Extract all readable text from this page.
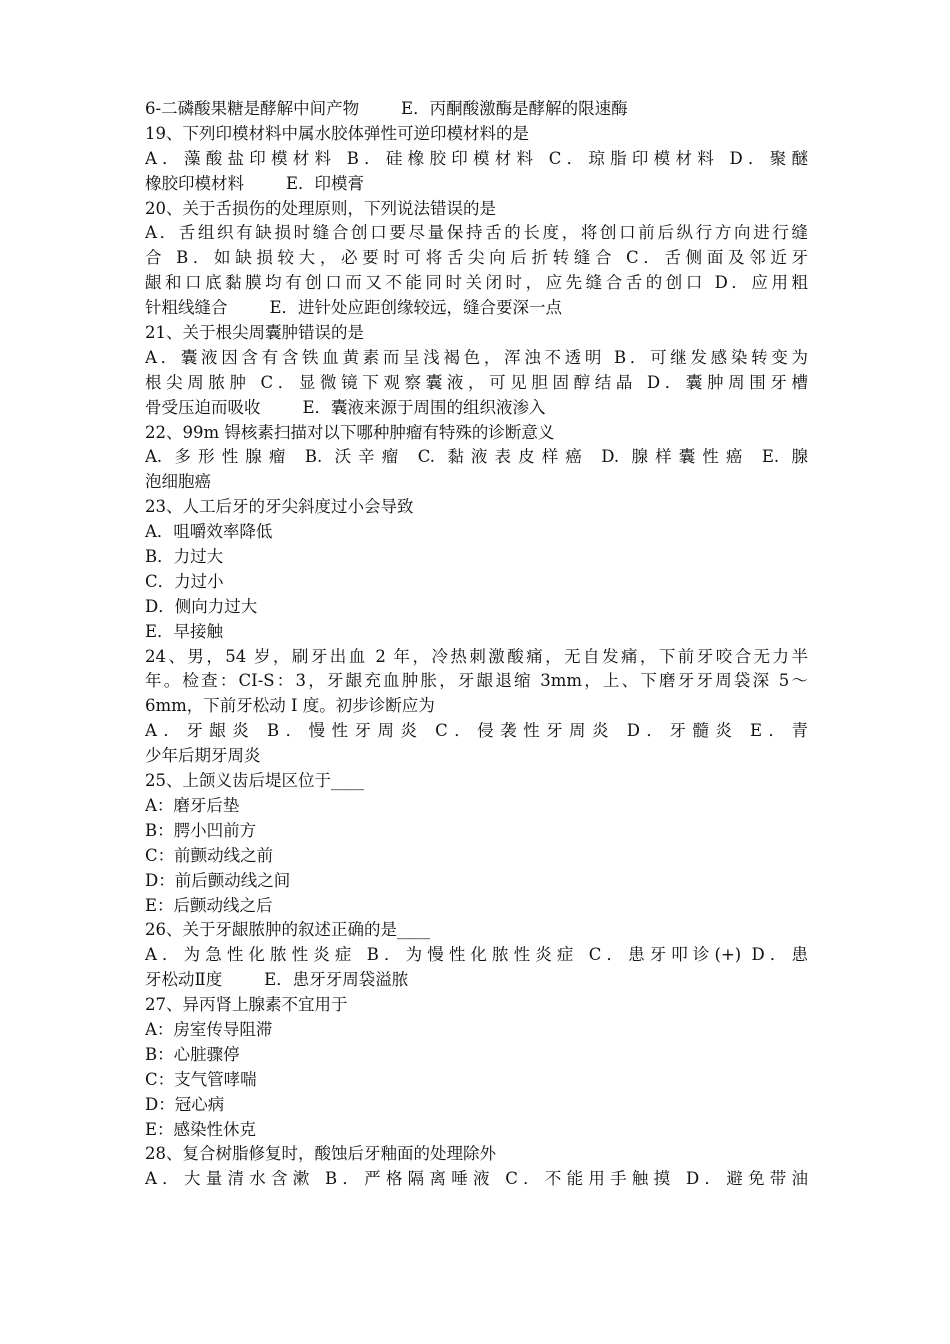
6-二磷酸果糖是酵解中间产物        E．丙酮酸激酶是酵解的限速酶
19、下列印模材料中属水胶体弹性可逆印模材料的是
A．藻酸盐印模材料 B．硅橡胶印模材料 C．琼脂印模材料 D．聚醚
橡胶印模材料        E．印模膏
20、关于舌损伤的处理原则，下列说法错误的是
A．舌组织有缺损时缝合创口要尽量保持舌的长度，将创口前后纵行方向进行缝
合 B．如缺损较大，必要时可将舌尖向后折转缝合 C．舌侧面及邻近牙
龈和口底黏膜均有创口而又不能同时关闭时，应先缝合舌的创口 D．应用粗
针粗线缝合        E．进针处应距创缘较远，缝合要深一点
21、关于根尖周囊肿错误的是
A．囊液因含有含铁血黄素而呈浅褐色，浑浊不透明 B．可继发感染转变为
根尖周脓肿 C．显微镜下观察囊液，可见胆固醇结晶 D．囊肿周围牙槽
骨受压迫而吸收        E．囊液来源于周围的组织液渗入
22、99m 锝核素扫描对以下哪种肿瘤有特殊的诊断意义
A. 多形性腺瘤 B. 沃辛瘤 C. 黏液表皮样癌 D. 腺样囊性癌 E. 腺
泡细胞癌
23、人工后牙的牙尖斜度过小会导致
A．咀嚼效率降低
B．力过大
C．力过小
D．侧向力过大
E．早接触
24、男，54 岁，刷牙出血 2 年，冷热刺激酸痛，无自发痛，下前牙咬合无力半
年。检查：CI-S：3，牙龈充血肿胀，牙龈退缩 3mm，上、下磨牙牙周袋深 5～
6mm，下前牙松动 I 度。初步诊断应为
A．牙龈炎 B．慢性牙周炎 C．侵袭性牙周炎 D．牙髓炎 E．青
少年后期牙周炎
25、上颌义齿后堤区位于____
A：磨牙后垫
B：腭小凹前方
C：前颤动线之前
D：前后颤动线之间
E：后颤动线之后
26、关于牙龈脓肿的叙述正确的是____
A．为急性化脓性炎症 B．为慢性化脓性炎症 C．患牙叩诊(+) D．患
牙松动Ⅱ度        E．患牙牙周袋溢脓
27、异丙肾上腺素不宜用于
A：房室传导阻滞
B：心脏骤停
C：支气管哮喘
D：冠心病
E：感染性休克
28、复合树脂修复时，酸蚀后牙釉面的处理除外
A．大量清水含漱 B．严格隔离唾液 C．不能用手触摸 D．避免带油
